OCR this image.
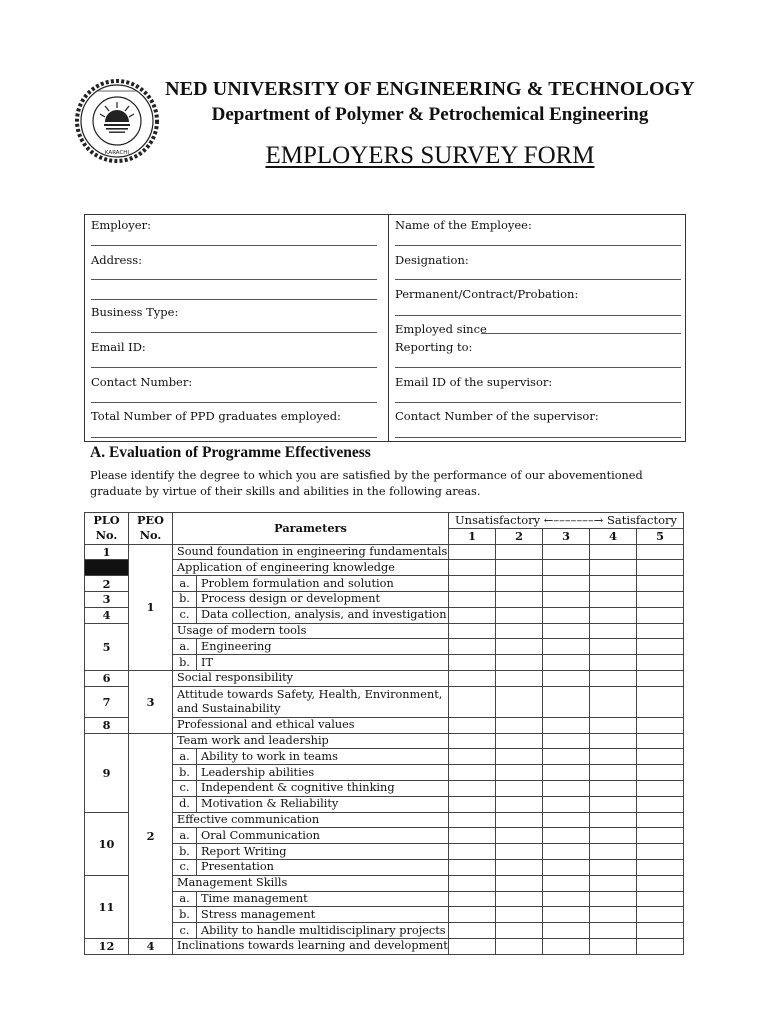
KARACHI
NED UNIVERSITY OF ENGINEERING & TECHNOLOGY
Department of Polymer & Petrochemical Engineering
EMPLOYERS SURVEY FORM
Employer:
Address:
Business Type:
Email ID:
Contact Number:
Total Number of PPD graduates employed:
Name of the Employee:
Designation:
Permanent/Contract/Probation:
Employed since
Reporting to:
Email ID of the supervisor:
Contact Number of the supervisor:
A. Evaluation of Programme Effectiveness
Please identify the degree to which you are satisfied by the performance of our abovementioned graduate by virtue of their skills and abilities in the following areas.
PLO No.	PEO No.	Parameters		Unsatisfactory ←–––––––→ Satisfactory				
				1	2	3	4	5
1	1	Sound foundation in engineering fundamentals						
		Application of engineering knowledge						
2		a.	Problem formulation and solution					
3		b.	Process design or development					
4		c.	Data collection, analysis, and investigation					
5		Usage of modern tools						
		a.	Engineering					
		b.	IT					
6	3	Social responsibility						
7		Attitude towards Safety, Health, Environment, and Sustainability						
8		Professional and ethical values						
9	2	Team work and leadership						
		a.	Ability to work in teams					
		b.	Leadership abilities					
		c.	Independent & cognitive thinking					
		d.	Motivation & Reliability					
10		Effective communication						
		a.	Oral Communication					
		b.	Report Writing					
		c.	Presentation					
11		Management Skills						
		a.	Time management					
		b.	Stress management					
		c.	Ability to handle multidisciplinary projects					
12	4	Inclinations towards learning and development						
